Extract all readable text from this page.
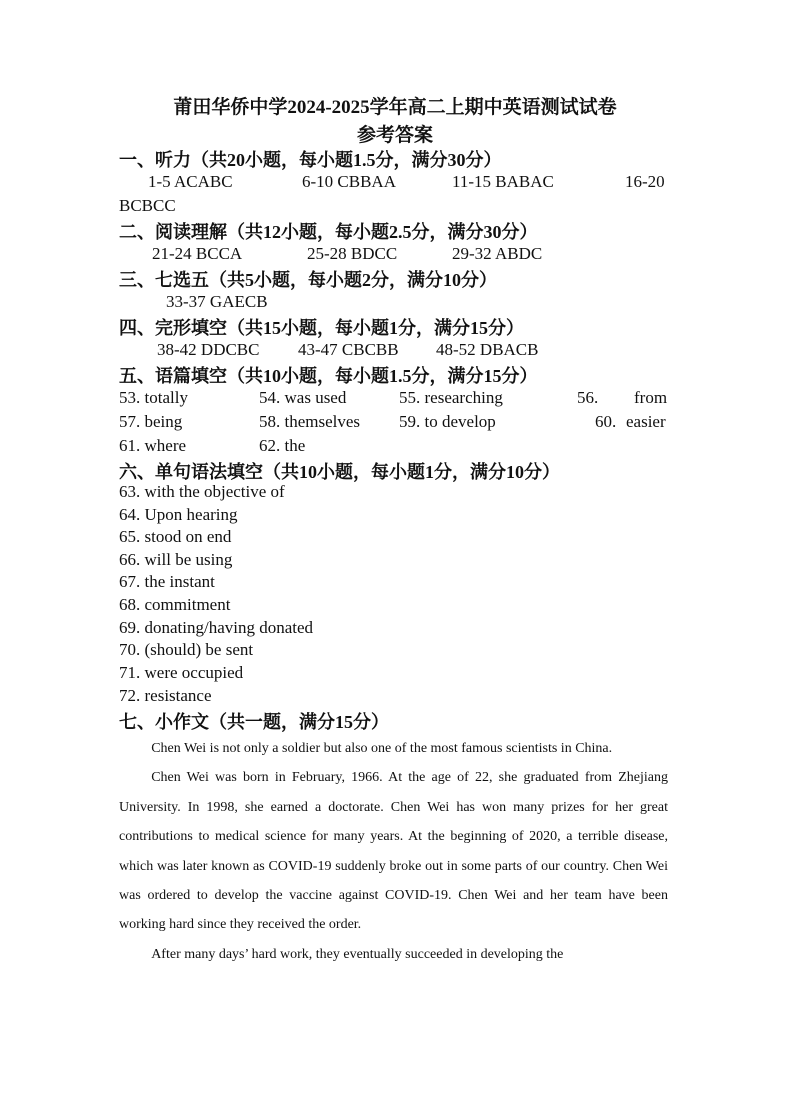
莆田华侨中学2024-2025学年高二上期中英语测试试卷
参考答案
一、听力（共20小题，每小题1.5分，满分30分）
1-5 ACABC	6-10 CBBAA	11-15 BABAC	16-20
BCBCC
二、阅读理解（共12小题，每小题2.5分，满分30分）
21-24 BCCA	25-28 BDCC	29-32 ABDC
三、七选五（共5小题，每小题2分，满分10分）
33-37 GAECB
四、完形填空（共15小题，每小题1分，满分15分）
38-42 DDCBC 43-47 CBCBB 48-52 DBACB
五、语篇填空（共10小题，每小题1.5分，满分15分）
53. totally	54. was used	55. researching	56. from
57. being	58. themselves 59. to develop	60. easier
61. where	62. the
六、单句语法填空（共10小题，每小题1分，满分10分）
63. with the objective of
64. Upon hearing
65. stood on end
66. will be using
67. the instant
68. commitment
69. donating/having donated
70. (should) be sent
71. were occupied
72. resistance
七、小作文（共一题，满分15分）

Chen Wei is not only a soldier but also one of the most famous scientists in China.

Chen Wei was born in February, 1966. At the age of 22, she graduated from Zhejiang University. In 1998, she earned a doctorate. Chen Wei has won many prizes for her great contributions to medical science for many years. At the beginning of 2020, a terrible disease, which was later known as COVID-19 suddenly broke out in some parts of our country. Chen Wei was ordered to develop the vaccine against COVID-19. Chen Wei and her team have been working hard since they received the order.

After many days’ hard work, they eventually succeeded in developing the
